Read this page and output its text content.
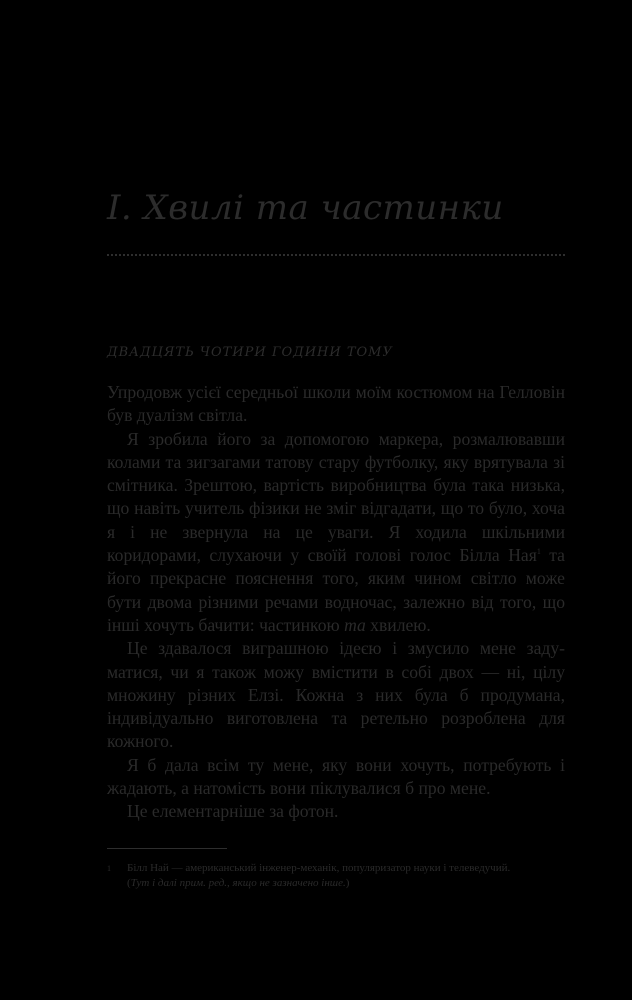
І. Хвилі та частинки
ДВАДЦЯТЬ ЧОТИРИ ГОДИНИ ТОМУ

Упродовж усієї середньої школи моїм костюмом на Гелловін був дуалізм світла.

Я зробила його за допомогою маркера, розмалювавши колами та зигзагами татову стару футболку, яку врятувала зі смітника. Зрештою, вартість виробництва була така низька, що навіть учитель фізики не зміг відгадати, що то було, хоча я і не звернула на це уваги. Я ходила шкільними коридорами, слухаючи у своїй голові голос Білла Ная$^1$ та його прекрасне пояснення того, яким чином світло може бути двома різними речами водночас, залежно від того, що інші хочуть бачити: частинкою та хвилею.

Це здавалося виграшною ідеєю і змусило мене задуматися, чи я також можу вмістити в собі двох — ні, цілу множину різних Елзі. Кожна з них була б продумана, індивідуально виготовлена та ретельно розроблена для кожного.

Я б дала всім ту мене, яку вони хочуть, потребують і жадають, а натомість вони піклувалися б про мене.

Це елементарніше за фотон.

1 Білл Най — американський інженер-механік, популяризатор науки і телеведучий.
(Тут і далі прим. ред., якщо не зазначено інше.)
